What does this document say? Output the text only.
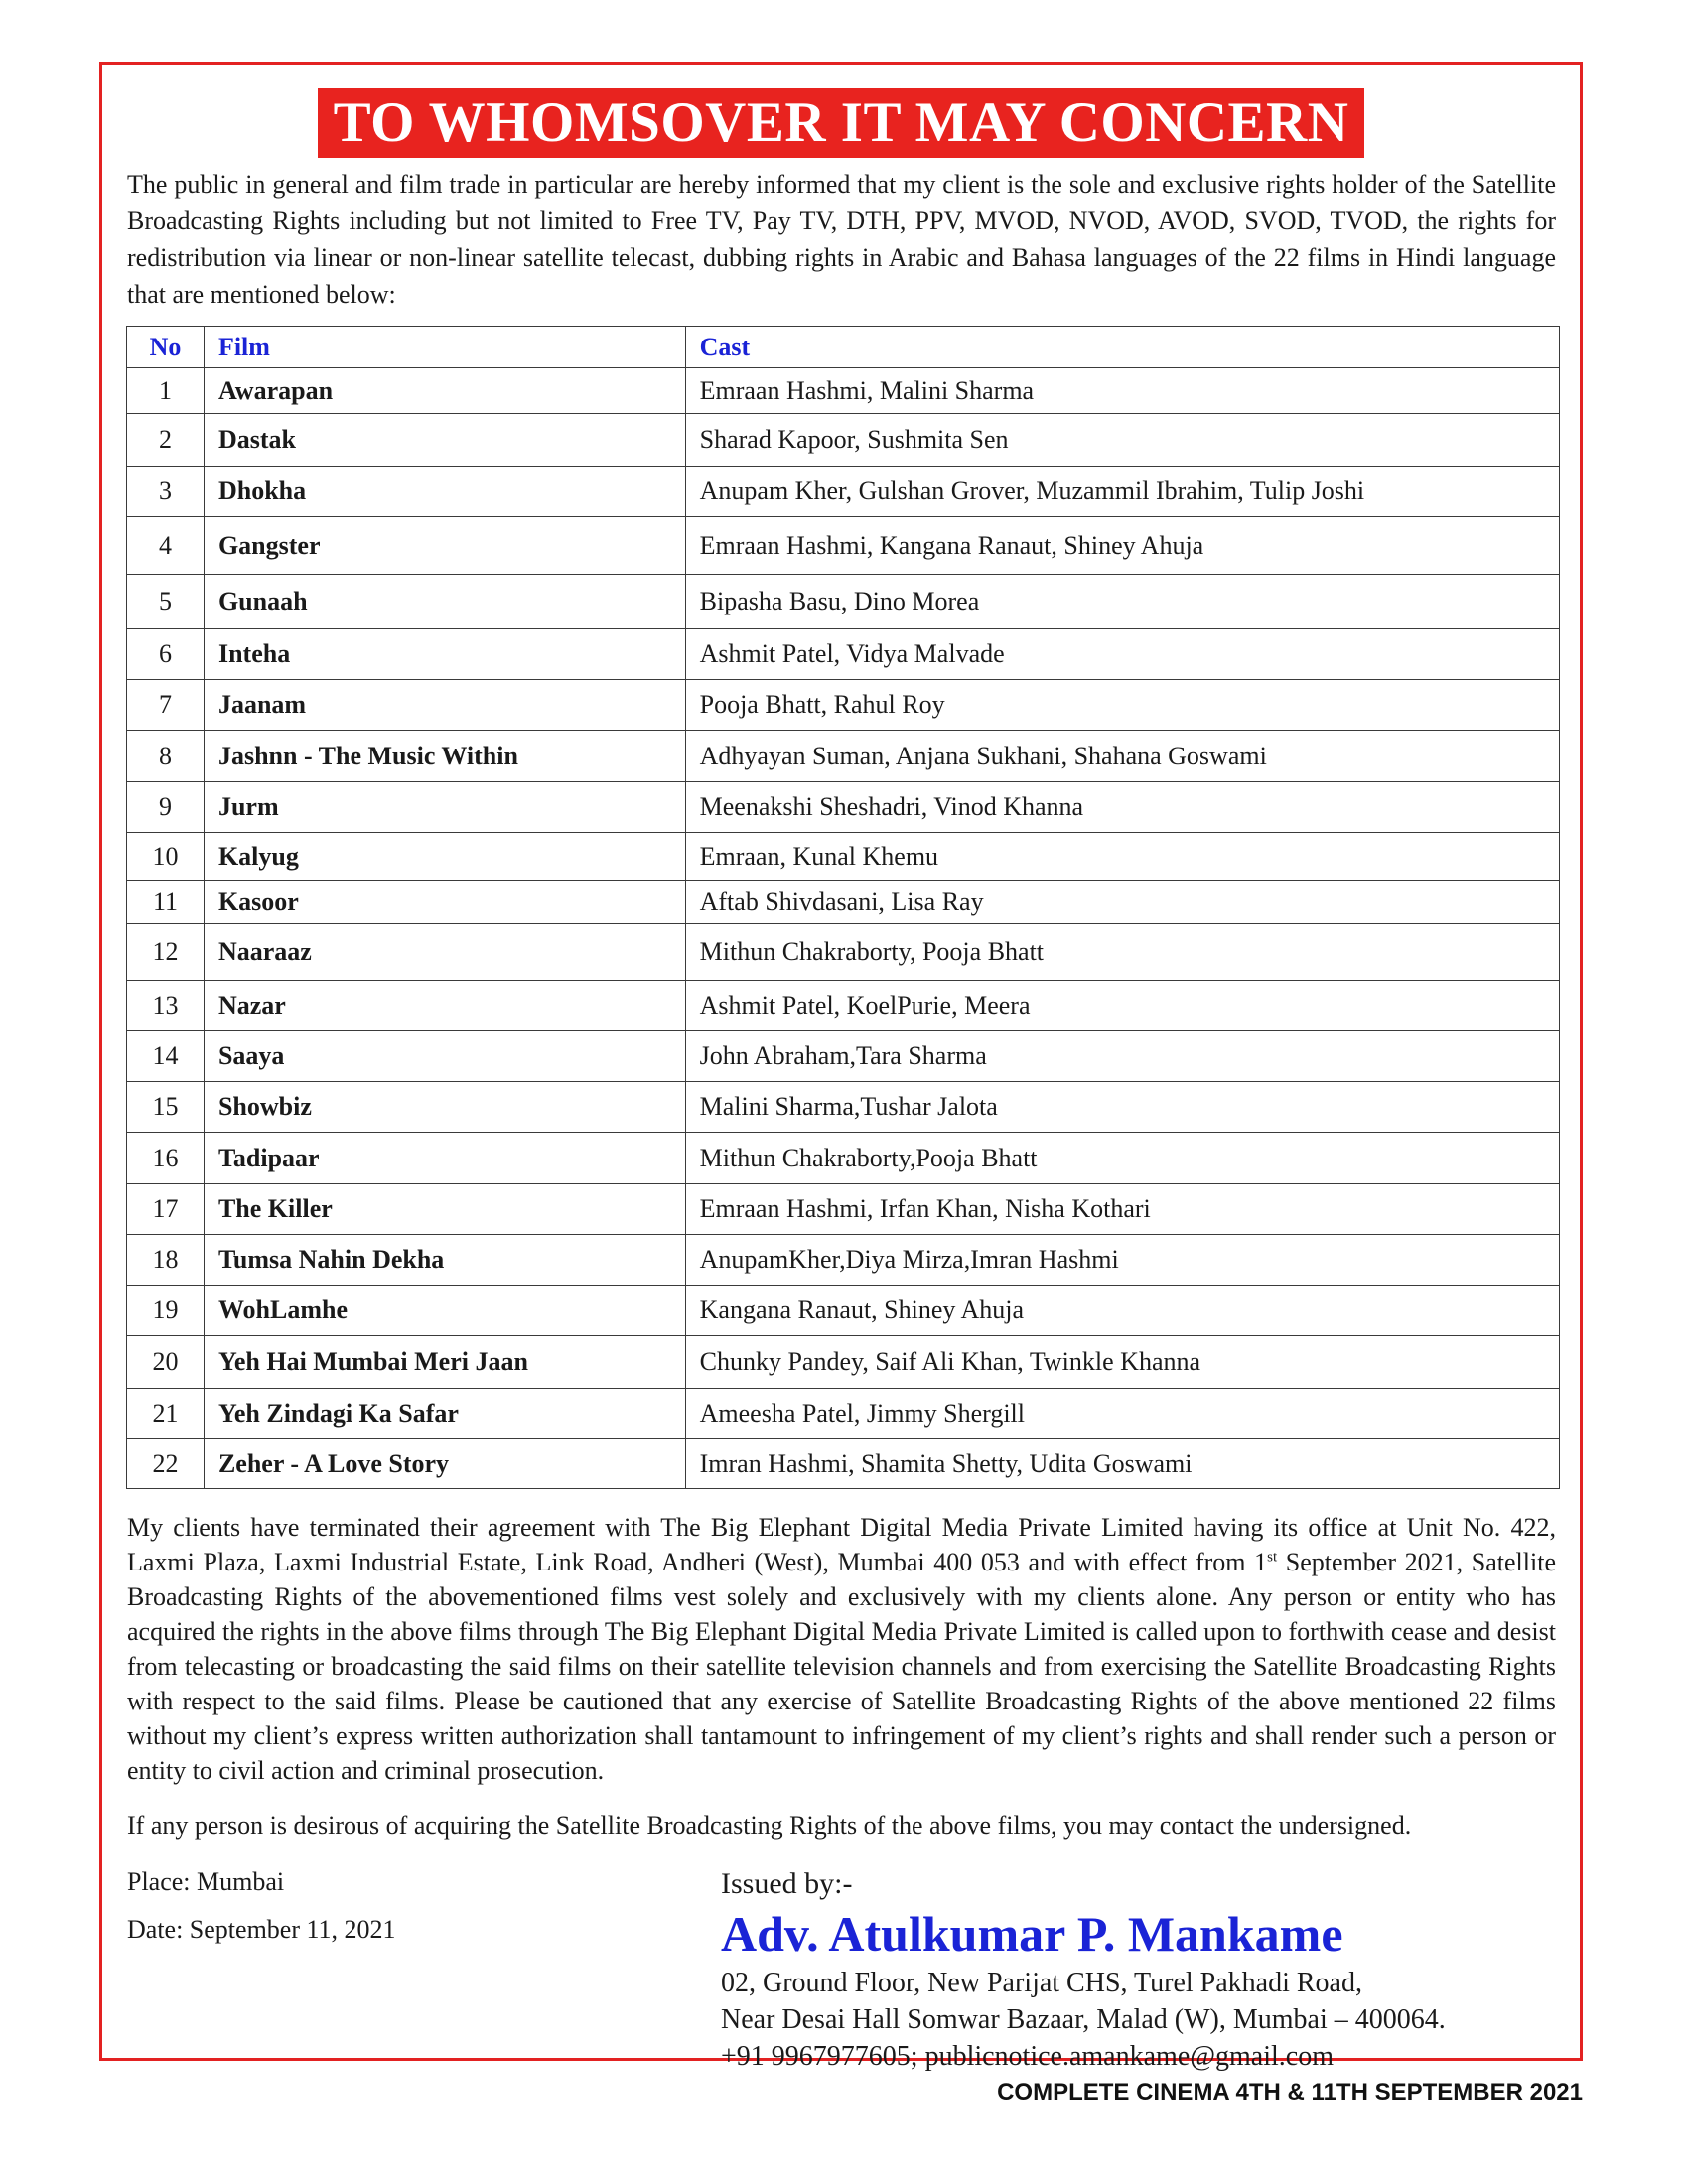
TO WHOMSOVER IT MAY CONCERN

The public in general and film trade in particular are hereby informed that my client is the sole and exclusive rights holder of the Satellite Broadcasting Rights including but not limited to Free TV, Pay TV, DTH, PPV, MVOD, NVOD, AVOD, SVOD, TVOD, the rights for redistribution via linear or non-linear satellite telecast, dubbing rights in Arabic and Bahasa languages of the 22 films in Hindi language that are mentioned below:

No	Film	Cast
1	Awarapan	Emraan Hashmi, Malini Sharma
2	Dastak	Sharad Kapoor, Sushmita Sen
3	Dhokha	Anupam Kher, Gulshan Grover, Muzammil Ibrahim, Tulip Joshi
4	Gangster	Emraan Hashmi, Kangana Ranaut, Shiney Ahuja
5	Gunaah	Bipasha Basu, Dino Morea
6	Inteha	Ashmit Patel, Vidya Malvade
7	Jaanam	Pooja Bhatt, Rahul Roy
8	Jashnn - The Music Within	Adhyayan Suman, Anjana Sukhani, Shahana Goswami
9	Jurm	Meenakshi Sheshadri, Vinod Khanna
10	Kalyug	Emraan, Kunal Khemu
11	Kasoor	Aftab Shivdasani, Lisa Ray
12	Naaraaz	Mithun Chakraborty, Pooja Bhatt
13	Nazar	Ashmit Patel, KoelPurie, Meera
14	Saaya	John Abraham,Tara Sharma
15	Showbiz	Malini Sharma,Tushar Jalota
16	Tadipaar	Mithun Chakraborty,Pooja Bhatt
17	The Killer	Emraan Hashmi, Irfan Khan, Nisha Kothari
18	Tumsa Nahin Dekha	AnupamKher,Diya Mirza,Imran Hashmi
19	WohLamhe	Kangana Ranaut, Shiney Ahuja
20	Yeh Hai Mumbai Meri Jaan	Chunky Pandey, Saif Ali Khan, Twinkle Khanna
21	Yeh Zindagi Ka Safar	Ameesha Patel, Jimmy Shergill
22	Zeher - A Love Story	Imran Hashmi, Shamita Shetty, Udita Goswami

My clients have terminated their agreement with The Big Elephant Digital Media Private Limited having its office at Unit No. 422, Laxmi Plaza, Laxmi Industrial Estate, Link Road, Andheri (West), Mumbai 400 053 and with effect from 1st September 2021, Satellite Broadcasting Rights of the abovementioned films vest solely and exclusively with my clients alone. Any person or entity who has acquired the rights in the above films through The Big Elephant Digital Media Private Limited is called upon to forthwith cease and desist from telecasting or broadcasting the said films on their satellite television channels and from exercising the Satellite Broadcasting Rights with respect to the said films. Please be cautioned that any exercise of Satellite Broadcasting Rights of the above mentioned 22 films without my client’s express written authorization shall tantamount to infringement of my client’s rights and shall render such a person or entity to civil action and criminal prosecution.

If any person is desirous of acquiring the Satellite Broadcasting Rights of the above films, you may contact the undersigned.

Place: Mumbai
Date: September 11, 2021
Issued by:-
Adv. Atulkumar P. Mankame
02, Ground Floor, New Parijat CHS, Turel Pakhadi Road,
Near Desai Hall Somwar Bazaar, Malad (W), Mumbai – 400064.
+91 9967977605; publicnotice.amankame@gmail.com
COMPLETE CINEMA 4TH & 11TH SEPTEMBER 2021
